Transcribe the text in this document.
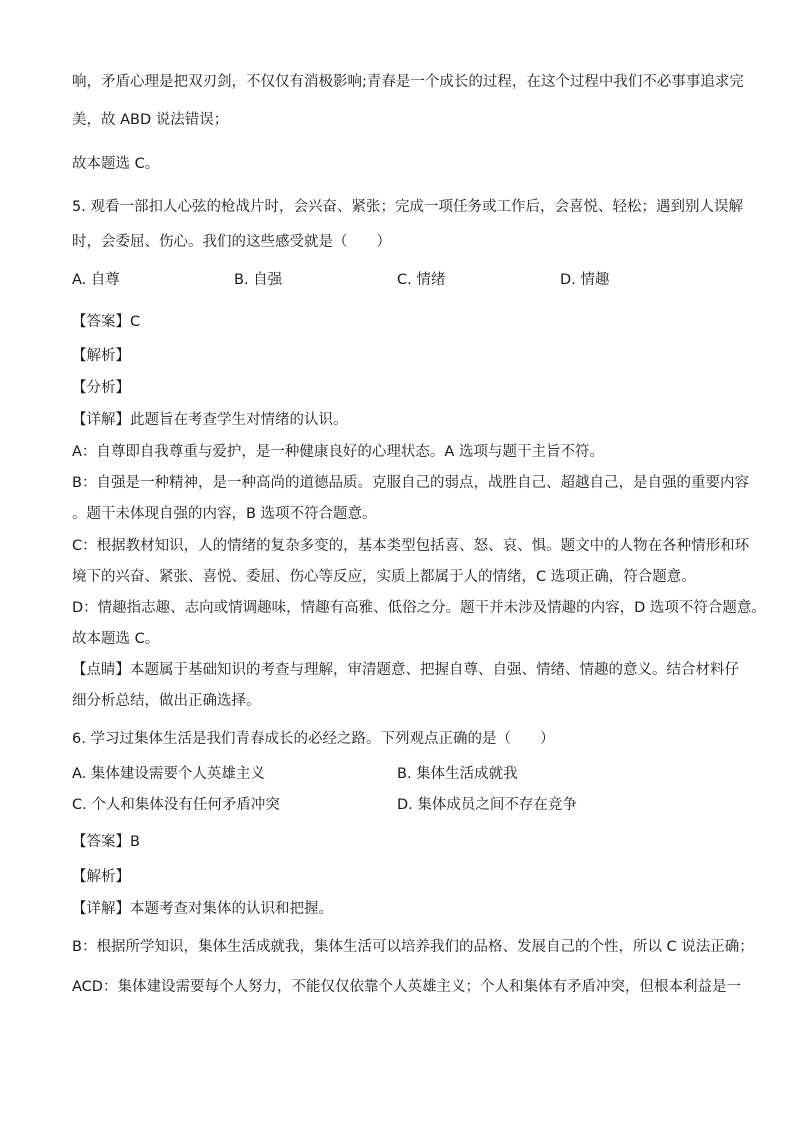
响，矛盾心理是把双刃剑，不仅仅有消极影响;青春是一个成长的过程，在这个过程中我们不必事事追求完
美，故 ABD 说法错误；
故本题选 C。
5. 观看一部扣人心弦的枪战片时，会兴奋、紧张；完成一项任务或工作后，会喜悦、轻松；遇到别人误解
时，会委屈、伤心。我们的这些感受就是（　　）
A. 自尊	B. 自强	C. 情绪	D. 情趣
【答案】C
【解析】
【分析】
【详解】此题旨在考查学生对情绪的认识。
A：自尊即自我尊重与爱护，是一种健康良好的心理状态。A 选项与题干主旨不符。
B：自强是一种精神，是一种高尚的道德品质。克服自己的弱点，战胜自己、超越自己，是自强的重要内容
。题干未体现自强的内容，B 选项不符合题意。
C：根据教材知识，人的情绪的复杂多变的，基本类型包括喜、怒、哀、惧。题文中的人物在各种情形和环
境下的兴奋、紧张、喜悦、委屈、伤心等反应，实质上都属于人的情绪，C 选项正确，符合题意。
D：情趣指志趣、志向或情调趣味，情趣有高雅、低俗之分。题干并未涉及情趣的内容，D 选项不符合题意。
故本题选 C。
【点睛】本题属于基础知识的考查与理解，审清题意、把握自尊、自强、情绪、情趣的意义。结合材料仔
细分析总结，做出正确选择。
6. 学习过集体生活是我们青春成长的必经之路。下列观点正确的是（　　）
A. 集体建设需要个人英雄主义	B. 集体生活成就我
C. 个人和集体没有任何矛盾冲突	D. 集体成员之间不存在竞争
【答案】B
【解析】
【详解】本题考查对集体的认识和把握。
B：根据所学知识，集体生活成就我，集体生活可以培养我们的品格、发展自己的个性，所以 C 说法正确；
ACD：集体建设需要每个人努力，不能仅仅依靠个人英雄主义；个人和集体有矛盾冲突，但根本利益是一
